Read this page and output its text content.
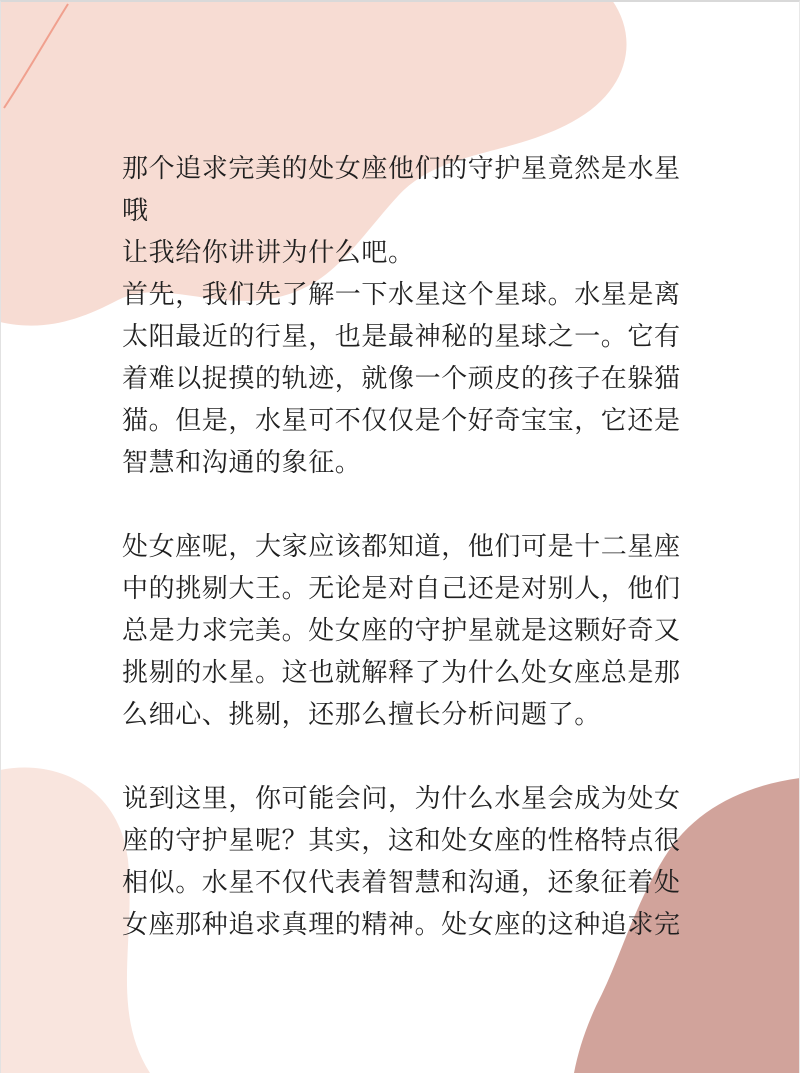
那个追求完美的处女座他们的守护星竟然是水星哦

让我给你讲讲为什么吧。

首先，我们先了解一下水星这个星球。水星是离太阳最近的行星，也是最神秘的星球之一。它有着难以捉摸的轨迹，就像一个顽皮的孩子在躲猫猫。但是，水星可不仅仅是个好奇宝宝，它还是智慧和沟通的象征。

处女座呢，大家应该都知道，他们可是十二星座中的挑剔大王。无论是对自己还是对别人，他们总是力求完美。处女座的守护星就是这颗好奇又挑剔的水星。这也就解释了为什么处女座总是那么细心、挑剔，还那么擅长分析问题了。

说到这里，你可能会问，为什么水星会成为处女座的守护星呢？其实，这和处女座的性格特点很相似。水星不仅代表着智慧和沟通，还象征着处女座那种追求真理的精神。处女座的这种追求完
